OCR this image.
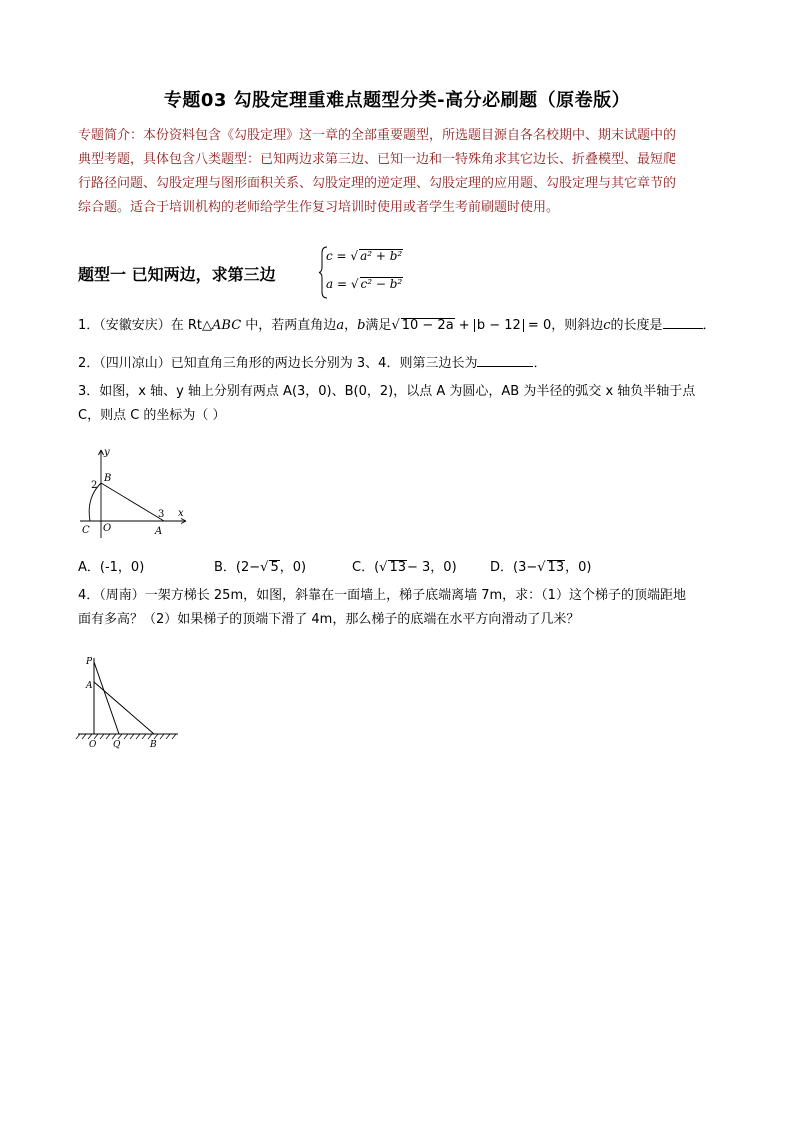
专题03 勾股定理重难点题型分类-高分必刷题（原卷版）
专题简介：本份资料包含《勾股定理》这一章的全部重要题型，所选题目源自各名校期中、期末试题中的
典型考题，具体包含八类题型：已知两边求第三边、已知一边和一特殊角求其它边长、折叠模型、最短爬
行路径问题、勾股定理与图形面积关系、勾股定理的逆定理、勾股定理的应用题、勾股定理与其它章节的
综合题。适合于培训机构的老师给学生作复习培训时使用或者学生考前刷题时使用。
题型一 已知两边，求第三边
c = √ a² + b²
a = √ c² − b²
1．（安徽安庆）在 Rt△ABC 中，若两直角边a，b满足√ 10 − 2a + b − 12 = 0，则斜边c的长度是	．
2．（四川凉山）已知直角三角形的两边长分别为 3、4．则第三边长为	．
3．如图，x 轴、y 轴上分别有两点 A(3，0)、B(0，2)，以点 A 为圆心，AB 为半径的弧交 x 轴负半轴于点
C，则点 C 的坐标为（ ）
y
x
B
2
C O
3
A
A．(-1，0)	B．(2−√ 5，0)	C．(√ 13− 3，0)	D．(3−√ 13，0)
4．（周南）一架方梯长 25m，如图，斜靠在一面墙上，梯子底端离墙 7m，求：（1）这个梯子的顶端距地
面有多高？（2）如果梯子的顶端下滑了 4m，那么梯子的底端在水平方向滑动了几米？
P
A
O Q	B
